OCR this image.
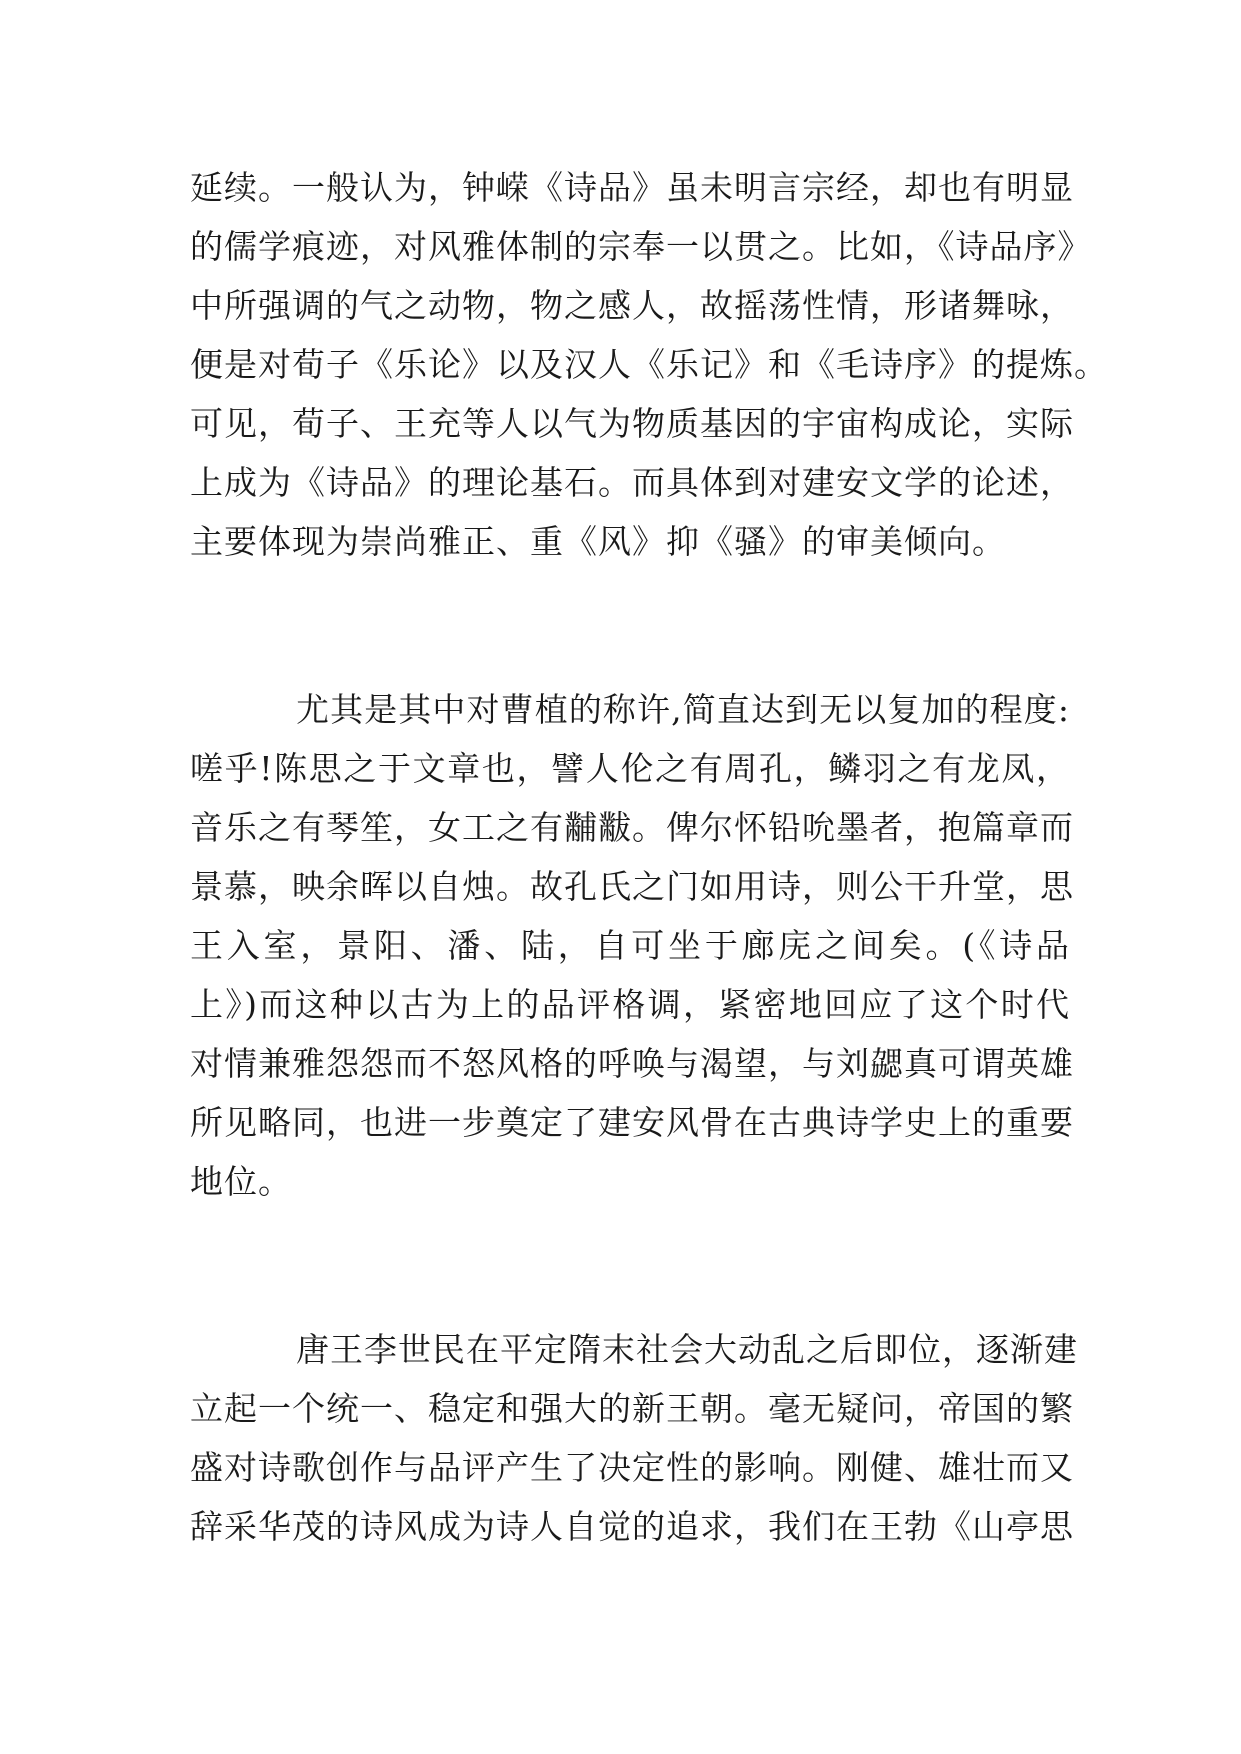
延续。一般认为，钟嵘《诗品》虽未明言宗经，却也有明显
的儒学痕迹，对风雅体制的宗奉一以贯之。比如，《诗品序》
中所强调的气之动物，物之感人，故摇荡性情，形诸舞咏，
便是对荀子《乐论》以及汉人《乐记》和《毛诗序》的提炼。
可见，荀子、王充等人以气为物质基因的宇宙构成论，实际
上成为《诗品》的理论基石。而具体到对建安文学的论述，
主要体现为崇尚雅正、重《风》抑《骚》的审美倾向。
尤其是其中对曹植的称许,简直达到无以复加的程度:
嗟乎!陈思之于文章也，譬人伦之有周孔，鳞羽之有龙凤，
音乐之有琴笙，女工之有黼黻。俾尔怀铅吮墨者，抱篇章而
景慕，映余晖以自烛。故孔氏之门如用诗，则公干升堂，思
王入室，景阳、潘、陆，自可坐于廊庑之间矣。(《诗品
上》)而这种以古为上的品评格调，紧密地回应了这个时代
对情兼雅怨怨而不怒风格的呼唤与渴望，与刘勰真可谓英雄
所见略同，也进一步奠定了建安风骨在古典诗学史上的重要
地位。
唐王李世民在平定隋末社会大动乱之后即位，逐渐建
立起一个统一、稳定和强大的新王朝。毫无疑问，帝国的繁
盛对诗歌创作与品评产生了决定性的影响。刚健、雄壮而又
辞采华茂的诗风成为诗人自觉的追求，我们在王勃《山亭思
